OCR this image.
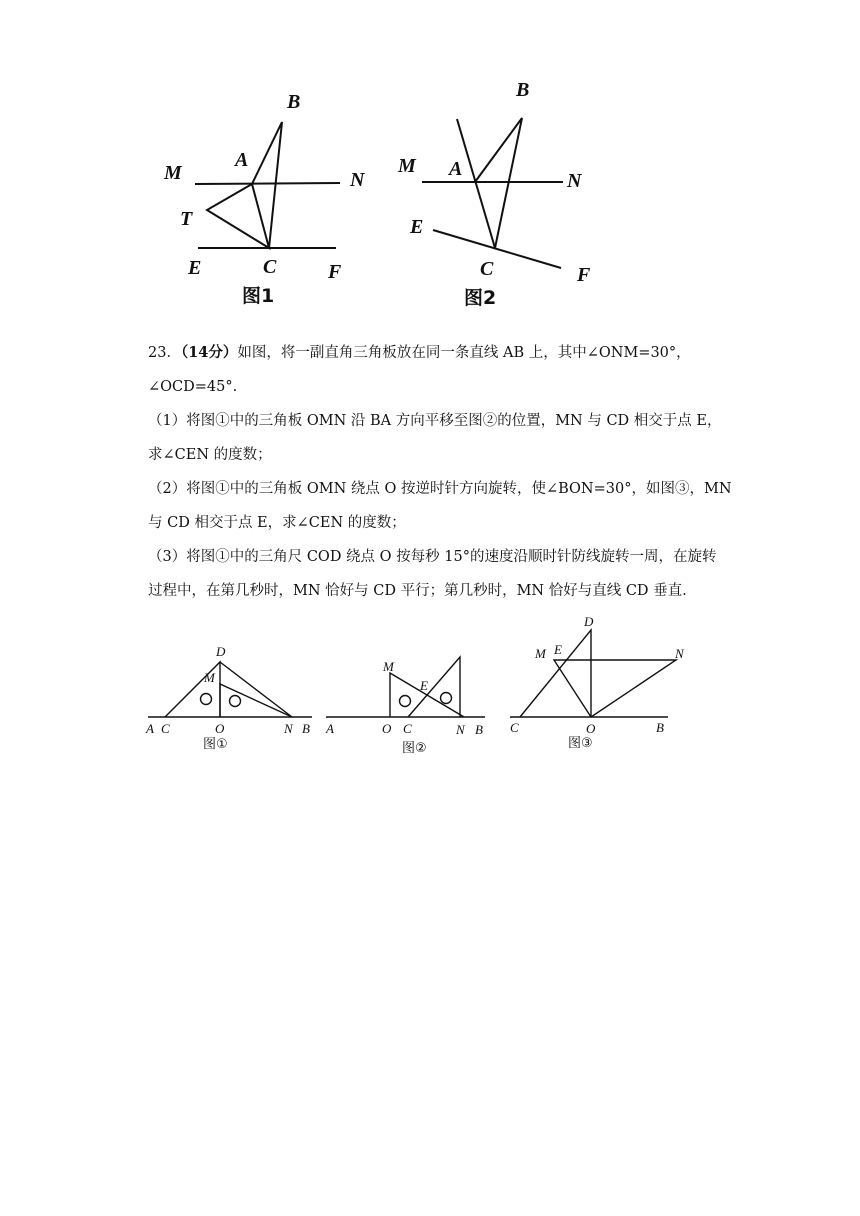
B
A
M	N
T
E	C	F
图1
B
A
M
N
E
C	F
图2
23．（14分）如图，将一副直角三角板放在同一条直线 AB 上，其中∠ONM=30°，
∠OCD=45°.
（1）将图①中的三角板 OMN 沿 BA 方向平移至图②的位置，MN 与 CD 相交于点 E，
求∠CEN 的度数；
（2）将图①中的三角板 OMN 绕点 O 按逆时针方向旋转，使∠BON=30°，如图③，MN
与 CD 相交于点 E，求∠CEN 的度数；
（3）将图①中的三角尺 COD 绕点 O 按每秒 15°的速度沿顺时针防线旋转一周，在旋转
过程中，在第几秒时，MN 恰好与 CD 平行；第几秒时，MN 恰好与直线 CD 垂直.
A C	O	N B
D
M
图①
A	O C	N B
M
E
图②
C	O	B
D
M E	N
图③
